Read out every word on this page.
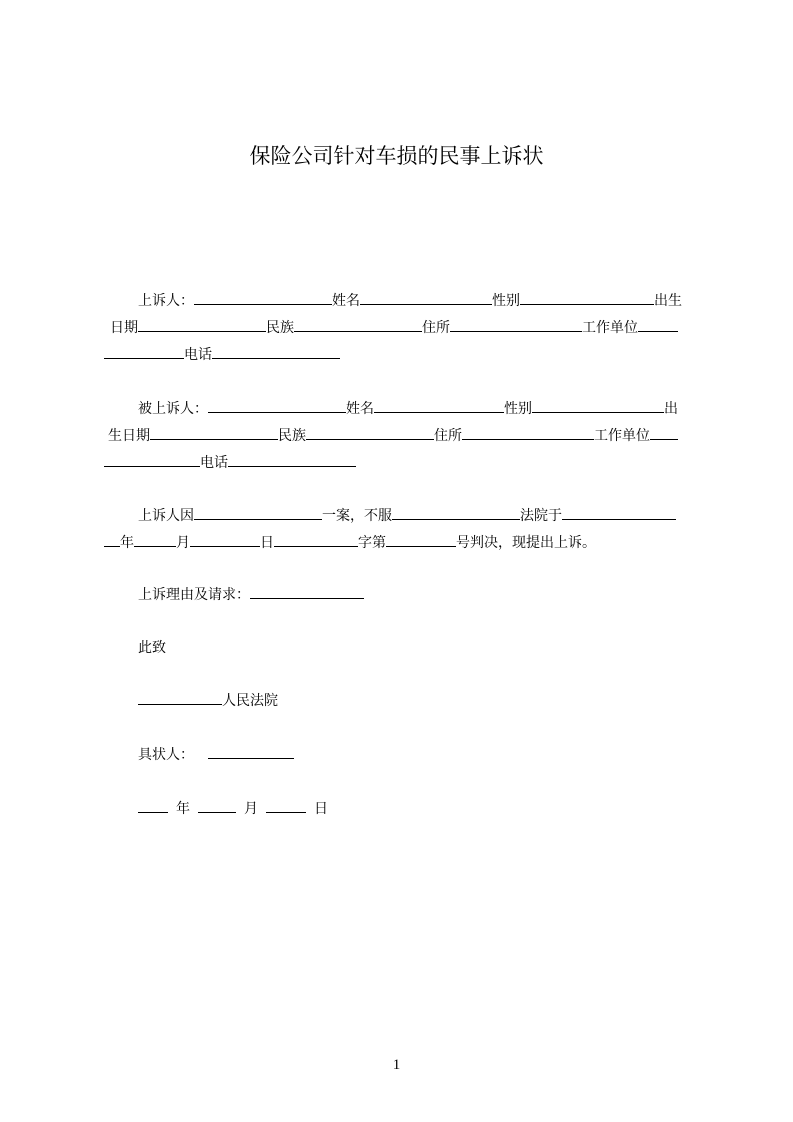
保险公司针对车损的民事上诉状
上诉人：	姓名	性别	出生
日期	民族	住所	工作单位
电话
被上诉人：	姓名	性别	出
生日期	民族	住所	工作单位
电话
上诉人因	一案，不服	法院于
年	月	日	字第	号判决，现提出上诉。
上诉理由及请求：
此致
人民法院
具状人：
年	月	日
1
